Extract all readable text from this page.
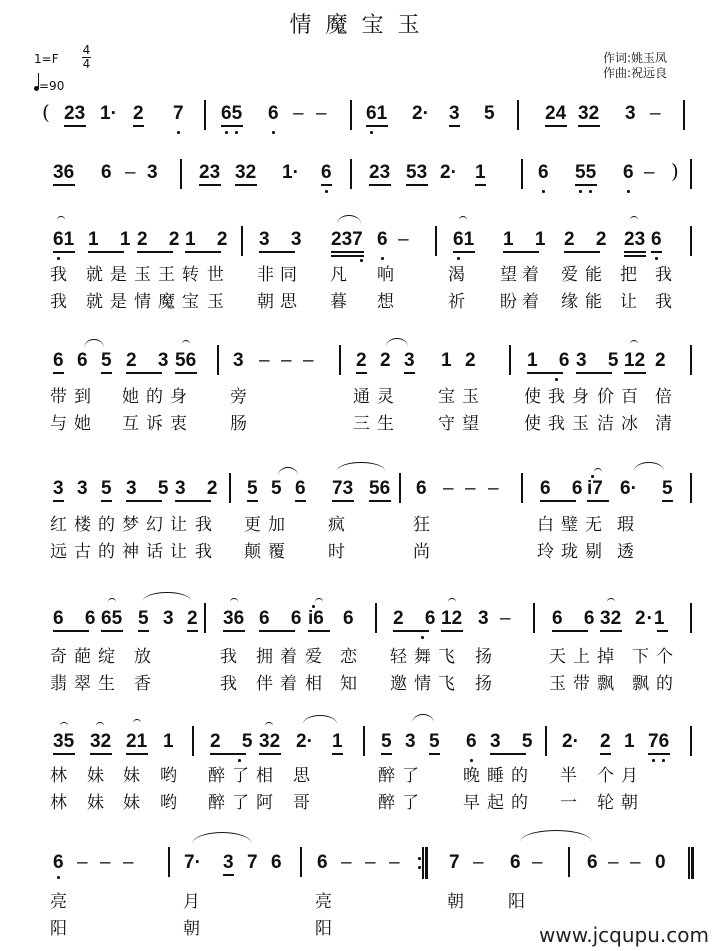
情魔宝玉
1=F
4
4
=90
作词:姚玉凤
作曲:祝远良
( 23 1· 2 7 65 6 – – 61 2· 3 5	24 32 3 –
36 6 – 3 23 32 1· 6 23 53 2· 1	6 55 6 – )
61 1 1
2 2
1 2 3 3 237 6 – 61 1 1 2 2 23 6
我 就 是 玉 王 转 世 非 同 凡 响	渴 望 着 爱 能 把 我
我 就 是 情 魔 宝 玉 朝 思 暮 想	祈 盼 着 缘 能 让 我
6 6 5 2 3
56 3 – – – 2 2 3 1 2	1 6
3 5
12 2
带 到 她 的 身	旁	通 灵	宝 玉	使 我 身 价 百 倍
与 她 互 诉 衷	肠	三 生	守 望	使 我 玉 洁 冰 清
3 3 5 3 5
3 2 5 5 6 73 56 6 – – – 6 6
i7 6· 5
红 楼 的 梦 幻 让 我 更 加	疯	狂	白 璧 无 瑕
远 古 的 神 话 让 我 颠 覆	时	尚	玲 珑 剔 透
6 6
65 5 3 2 36 6 6
i6 6 2 6
12 3 – 6 6
32 2·1
奇 葩 绽 放	我 拥 着 爱 恋 轻 舞 飞 扬	天 上 掉 下 个
翡 翠 生 香	我 伴 着 相 知 邀 情 飞 扬	玉 带 飘 飘 的
35 32 21 1 2 5
32 2· 1 5 3 5 6 3 5 2· 2 1 76
林 妹 妹 哟 醉 了 相 思	醉 了	晚 睡 的 半 个 月
林 妹 妹 哟 醉 了 阿 哥	醉 了	早 起 的 一 轮 朝
6 – – –	7· 3 7 6 6 – – –	7 – 6 – 6 – – 0
亮	月	亮	朝	阳
阳	朝	阳	www.jcqupu.com
